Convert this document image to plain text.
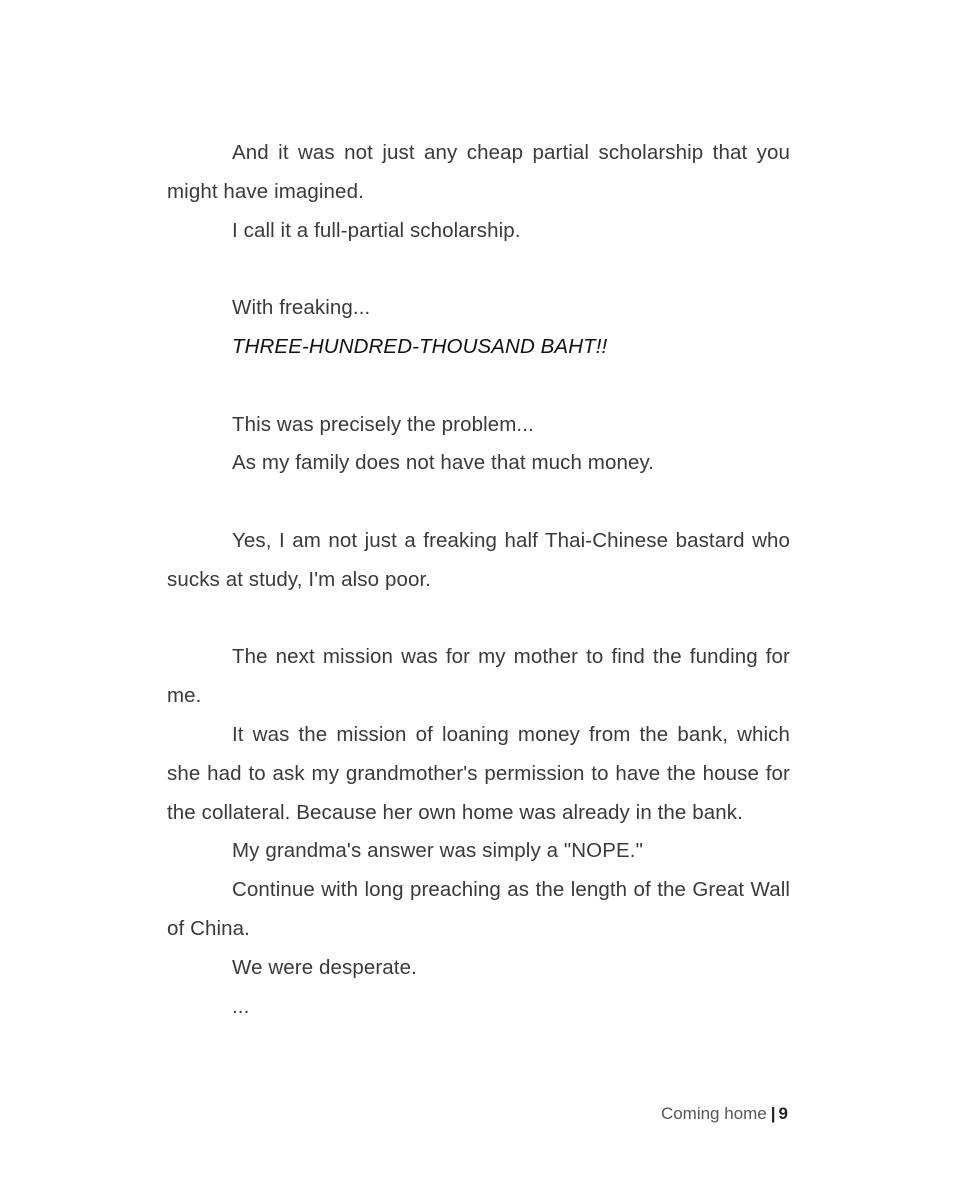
And it was not just any cheap partial scholarship that you might have imagined.

I call it a full-partial scholarship.

With freaking...

THREE-HUNDRED-THOUSAND BAHT!!

This was precisely the problem...

As my family does not have that much money.

Yes, I am not just a freaking half Thai-Chinese bastard who sucks at study, I'm also poor.

The next mission was for my mother to find the funding for me.

It was the mission of loaning money from the bank, which she had to ask my grandmother's permission to have the house for the collateral. Because her own home was already in the bank.

My grandma's answer was simply a "NOPE."

Continue with long preaching as the length of the Great Wall of China.

We were desperate.

...

Coming home | 9
